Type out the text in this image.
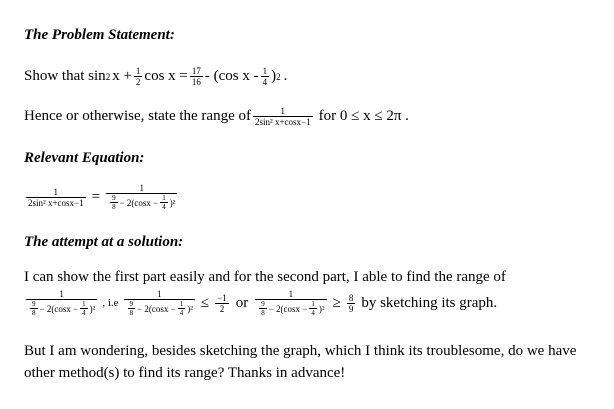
The Problem Statement:
Show that sin 2 $x + \frac{1}{2}$ $\cos x = \frac{17}{16} - (\cos$ x - $\frac{1}{4}$ ) 2 .
Hence or otherwise, state the range of $\frac{1}{\text{2sin² x+cosx−1}}$ for 0 ≤ x ≤ 2π .
Relevant Equation:
$\frac{1}{\text{2sin² x+cosx−1}} = \frac{1}{\frac{9}{8} - 2(\cos x - \frac{1}{4} )^2}$
The attempt at a solution:
I can show the first part easily and for the second part, I able to find the range of
$\frac{1}{\frac{9}{8} - 2(\cos x - \frac{1}{4} )^2}$ , $i.e \frac{1}{\frac{9}{8} - 2(\cos x - \frac{1}{4} )^2} \le \frac{-1}{2}$ or $\frac{1}{\frac{9}{8} - 2(\cos x - \frac{1}{4} )^2} \ge \frac{8}{9}$ by sketching its graph.
But I am wondering, besides sketching the graph, which I think its troublesome, do we have other method(s) to find its range? Thanks in advance!
